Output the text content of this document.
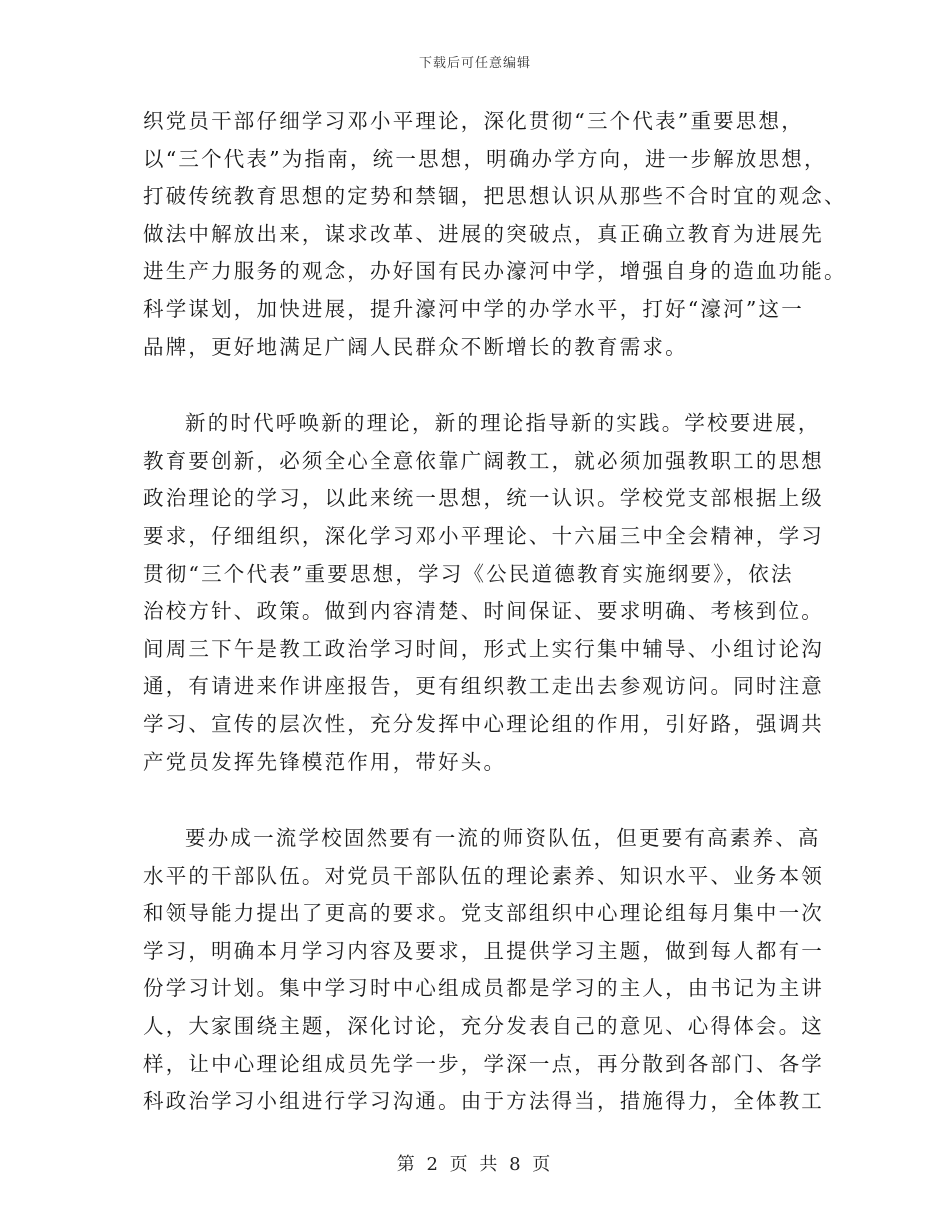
下载后可任意编辑

织党员干部仔细学习邓小平理论，深化贯彻“三个代表”重要思想，
以“三个代表”为指南，统一思想，明确办学方向，进一步解放思想，
打破传统教育思想的定势和禁锢，把思想认识从那些不合时宜的观念、
做法中解放出来，谋求改革、进展的突破点，真正确立教育为进展先
进生产力服务的观念，办好国有民办濠河中学，增强自身的造血功能。
科学谋划，加快进展，提升濠河中学的办学水平，打好“濠河”这一
品牌，更好地满足广阔人民群众不断增长的教育需求。

新的时代呼唤新的理论，新的理论指导新的实践。学校要进展，
教育要创新，必须全心全意依靠广阔教工，就必须加强教职工的思想
政治理论的学习，以此来统一思想，统一认识。学校党支部根据上级
要求，仔细组织，深化学习邓小平理论、十六届三中全会精神，学习
贯彻“三个代表”重要思想，学习《公民道德教育实施纲要》，依法
治校方针、政策。做到内容清楚、时间保证、要求明确、考核到位。
间周三下午是教工政治学习时间，形式上实行集中辅导、小组讨论沟
通，有请进来作讲座报告，更有组织教工走出去参观访问。同时注意
学习、宣传的层次性，充分发挥中心理论组的作用，引好路，强调共
产党员发挥先锋模范作用，带好头。

要办成一流学校固然要有一流的师资队伍，但更要有高素养、高
水平的干部队伍。对党员干部队伍的理论素养、知识水平、业务本领
和领导能力提出了更高的要求。党支部组织中心理论组每月集中一次
学习，明确本月学习内容及要求，且提供学习主题，做到每人都有一
份学习计划。集中学习时中心组成员都是学习的主人，由书记为主讲
人，大家围绕主题，深化讨论，充分发表自己的意见、心得体会。这
样，让中心理论组成员先学一步，学深一点，再分散到各部门、各学
科政治学习小组进行学习沟通。由于方法得当，措施得力，全体教工

第 2 页 共 8 页
